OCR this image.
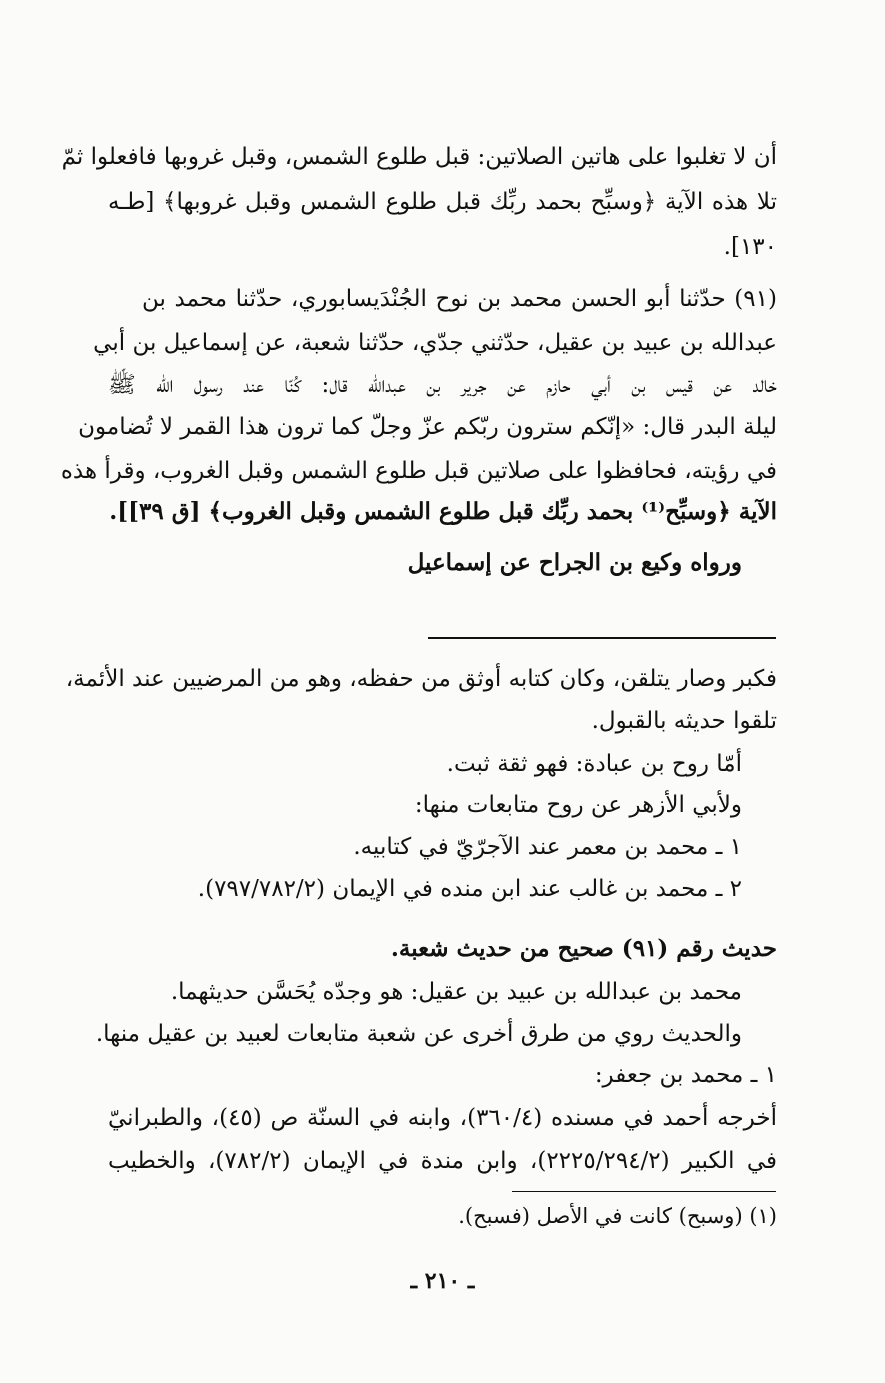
أن لا تغلبوا على هاتين الصلاتين: قبل طلوع الشمس، وقبل غروبها فافعلوا ثمّ
تلا هذه الآية ﴿وسبِّح بحمد ربِّك قبل طلوع الشمس وقبل غروبها﴾ [طـه
١٣٠].
(٩١) حدّثنا أبو الحسن محمد بن نوح الجُنْدَيسابوري، حدّثنا محمد بن
عبدالله بن عبيد بن عقيل، حدّثني جدّي، حدّثنا شعبة، عن إسماعيل بن أبي
خالد عن قيس بن أبي حازم عن جرير بن عبدالله قال: كُنّا عند رسول الله ﷺ
ليلة البدر قال: «إنّكم سترون ربّكم عزّ وجلّ كما ترون هذا القمر لا تُضامون
في رؤيته، فحافظوا على صلاتين قبل طلوع الشمس وقبل الغروب، وقرأ هذه
الآية ﴿وسبِّح⁽¹⁾ بحمد ربِّك قبل طلوع الشمس وقبل الغروب﴾ [ق ٣٩]].
ورواه وكيع بن الجراح عن إسماعيل
فكبر وصار يتلقن، وكان كتابه أوثق من حفظه، وهو من المرضيين عند الأئمة،
تلقوا حديثه بالقبول.
أمّا روح بن عبادة: فهو ثقة ثبت.
ولأبي الأزهر عن روح متابعات منها:
١ ـ محمد بن معمر عند الآجرّيّ في كتابيه.
٢ ـ محمد بن غالب عند ابن منده في الإيمان (٧٩٧/٧٨٢/٢).
حديث رقم (٩١) صحيح من حديث شعبة.
محمد بن عبدالله بن عبيد بن عقيل: هو وجدّه يُحَسَّن حديثهما.
والحديث روي من طرق أخرى عن شعبة متابعات لعبيد بن عقيل منها.
١ ـ محمد بن جعفر:
أخرجه أحمد في مسنده (٣٦٠/٤)، وابنه في السنّة ص (٤٥)، والطبرانيّ
في الكبير (٢٢٢٥/٢٩٤/٢)، وابن مندة في الإيمان (٧٨٢/٢)، والخطيب
(١) (وسبح) كانت في الأصل (فسبح).
ـ ٢١٠ ـ
